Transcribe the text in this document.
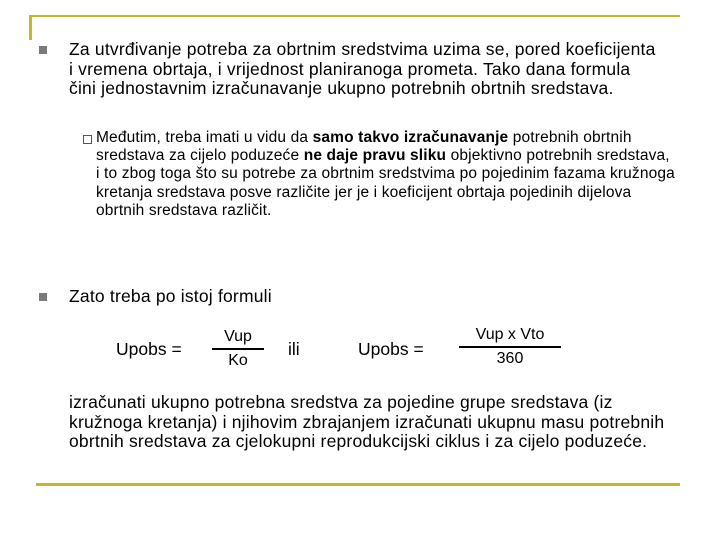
Za utvrđivanje potreba za obrtnim sredstvima uzima se, pored koeficijenta i vremena obrtaja, i vrijednost planiranoga prometa. Tako dana formula čini jednostavnim izračunavanje ukupno potrebnih obrtnih sredstava.
Međutim, treba imati u vidu da samo takvo izračunavanje potrebnih obrtnih sredstava za cijelo poduzeće ne daje pravu sliku objektivno potrebnih sredstava, i to zbog toga što su potrebe za obrtnim sredstvima po pojedinim fazama kružnoga kretanja sredstava posve različite jer je i koeficijent obrtaja pojedinih dijelova obrtnih sredstava različit.
Zato treba po istoj formuli
Upobs =
Vup
Ko
ili	Upobs =
Vup x Vto
360
izračunati ukupno potrebna sredstva za pojedine grupe sredstava (iz kružnoga kretanja) i njihovim zbrajanjem izračunati ukupnu masu potrebnih obrtnih sredstava za cjelokupni reprodukcijski ciklus i za cijelo poduzeće.
